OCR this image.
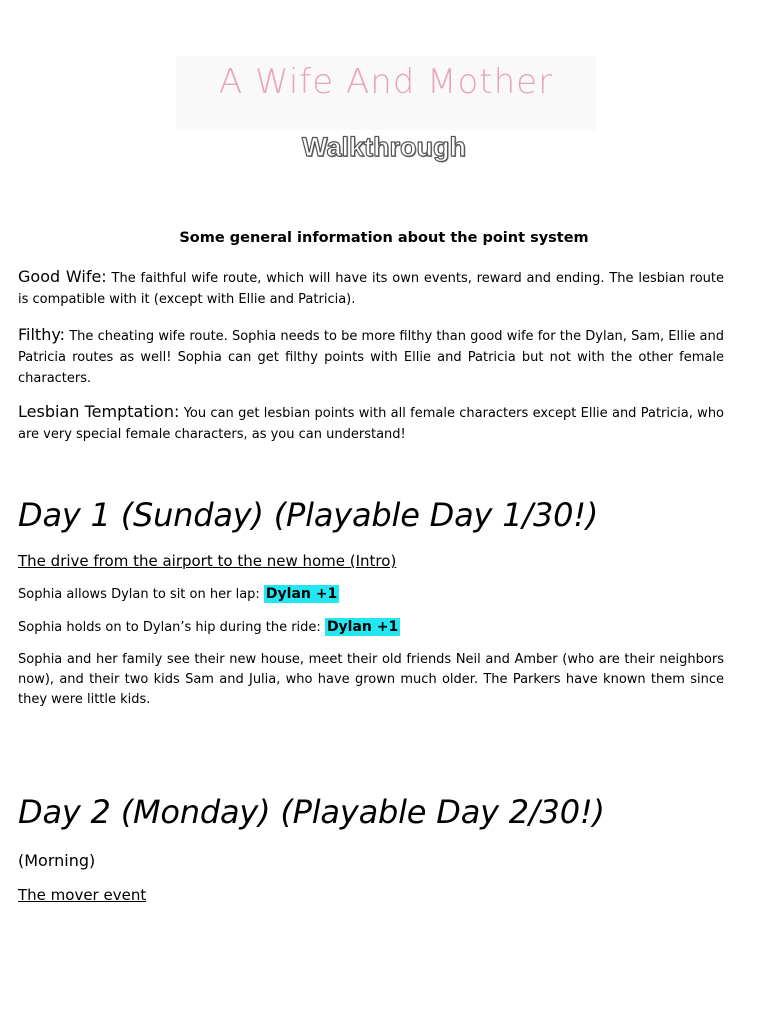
A Wife And Mother
Walkthrough
Some general information about the point system
Good Wife: The faithful wife route, which will have its own events, reward and ending. The lesbian route is compatible with it (except with Ellie and Patricia).
Filthy: The cheating wife route. Sophia needs to be more filthy than good wife for the Dylan, Sam, Ellie and Patricia routes as well! Sophia can get filthy points with Ellie and Patricia but not with the other female characters.
Lesbian Temptation: You can get lesbian points with all female characters except Ellie and Patricia, who are very special female characters, as you can understand!
Day 1 (Sunday) (Playable Day 1/30!)
The drive from the airport to the new home (Intro)
Sophia allows Dylan to sit on her lap: Dylan +1
Sophia holds on to Dylan’s hip during the ride: Dylan +1
Sophia and her family see their new house, meet their old friends Neil and Amber (who are their neighbors now), and their two kids Sam and Julia, who have grown much older. The Parkers have known them since they were little kids.
Day 2 (Monday) (Playable Day 2/30!)
(Morning)
The mover event
